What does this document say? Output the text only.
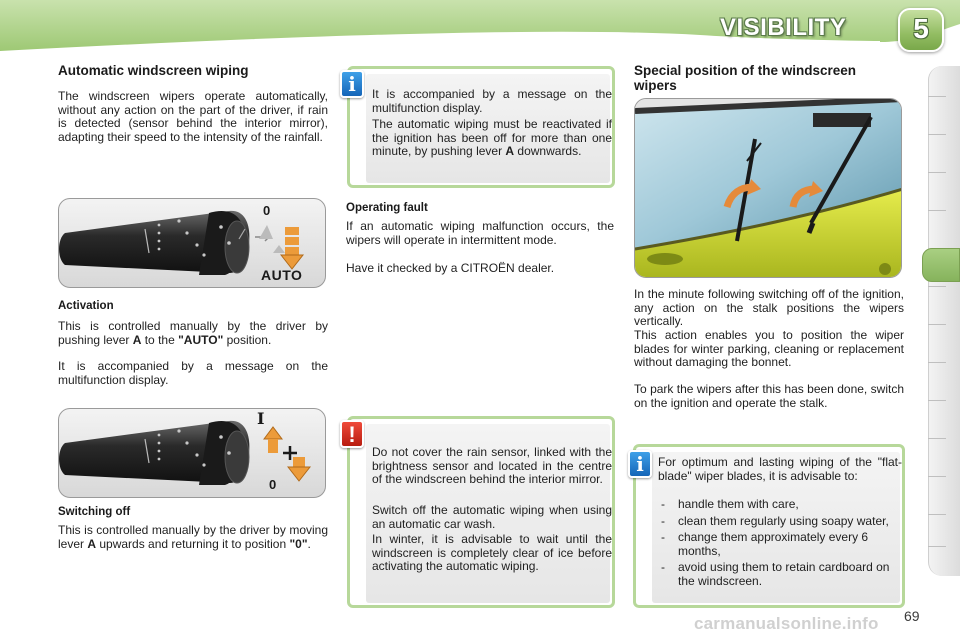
VISIBILITY	5
Automatic windscreen wiping
The windscreen wipers operate automatically, without any action on the part of the driver, if rain is detected (sensor behind the interior mirror), adapting their speed to the intensity of the rainfall.
0
AUTO
Activation
This is controlled manually by the driver by pushing lever A to the "AUTO" position.
It is accompanied by a message on the multifunction display.
I
0
Switching off
This is controlled manually by the driver by moving lever A upwards and returning it to position "0".
It is accompanied by a message on the multifunction display.
The automatic wiping must be reactivated if the ignition has been off for more than one minute, by pushing lever A downwards.
i
Operating fault
If an automatic wiping malfunction occurs, the wipers will operate in intermittent mode.
Have it checked by a CITROËN dealer.
Do not cover the rain sensor, linked with the brightness sensor and located in the centre of the windscreen behind the interior mirror.
Switch off the automatic wiping when using an automatic car wash.
In winter, it is advisable to wait until the windscreen is completely clear of ice before activating the automatic wiping.
!
Special position of the windscreen wipers
In the minute following switching off of the ignition, any action on the stalk positions the wipers vertically.
This action enables you to position the wiper blades for winter parking, cleaning or replacement without damaging the bonnet.
To park the wipers after this has been done, switch on the ignition and operate the stalk.
For optimum and lasting wiping of the "flat-blade" wiper blades, it is advisable to:
- handle them with care,
- clean them regularly using soapy water,
- change them approximately every 6 months,
- avoid using them to retain cardboard on the windscreen.
i
carmanualsonline.info 69
